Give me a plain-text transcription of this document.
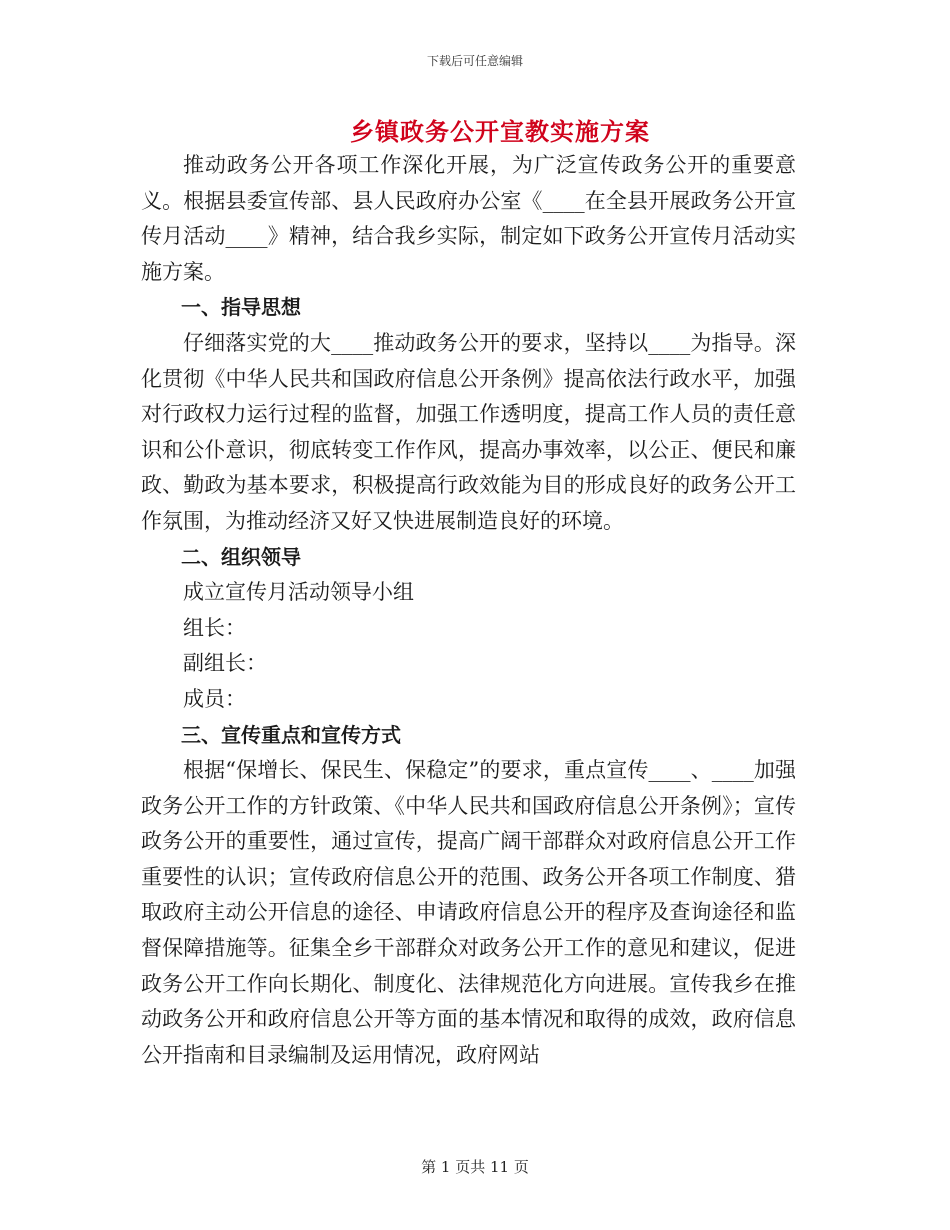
下载后可任意编辑
乡镇政务公开宣教实施方案

推动政务公开各项工作深化开展，为广泛宣传政务公开的重要意义。根据县委宣传部、县人民政府办公室《____在全县开展政务公开宣传月活动____》精神，结合我乡实际，制定如下政务公开宣传月活动实施方案。

一、指导思想

仔细落实党的大____推动政务公开的要求，坚持以____为指导。深化贯彻《中华人民共和国政府信息公开条例》提高依法行政水平，加强对行政权力运行过程的监督，加强工作透明度，提高工作人员的责任意识和公仆意识，彻底转变工作作风，提高办事效率，以公正、便民和廉政、勤政为基本要求，积极提高行政效能为目的形成良好的政务公开工作氛围，为推动经济又好又快进展制造良好的环境。

二、组织领导

成立宣传月活动领导小组

组长：

副组长：

成员：

三、宣传重点和宣传方式

根据“保增长、保民生、保稳定”的要求，重点宣传____、____加强政务公开工作的方针政策、《中华人民共和国政府信息公开条例》；宣传政务公开的重要性，通过宣传，提高广阔干部群众对政府信息公开工作重要性的认识；宣传政府信息公开的范围、政务公开各项工作制度、猎取政府主动公开信息的途径、申请政府信息公开的程序及查询途径和监督保障措施等。征集全乡干部群众对政务公开工作的意见和建议，促进政务公开工作向长期化、制度化、法律规范化方向进展。宣传我乡在推动政务公开和政府信息公开等方面的基本情况和取得的成效，政府信息公开指南和目录编制及运用情况，政府网站

第 1 页共 11 页
